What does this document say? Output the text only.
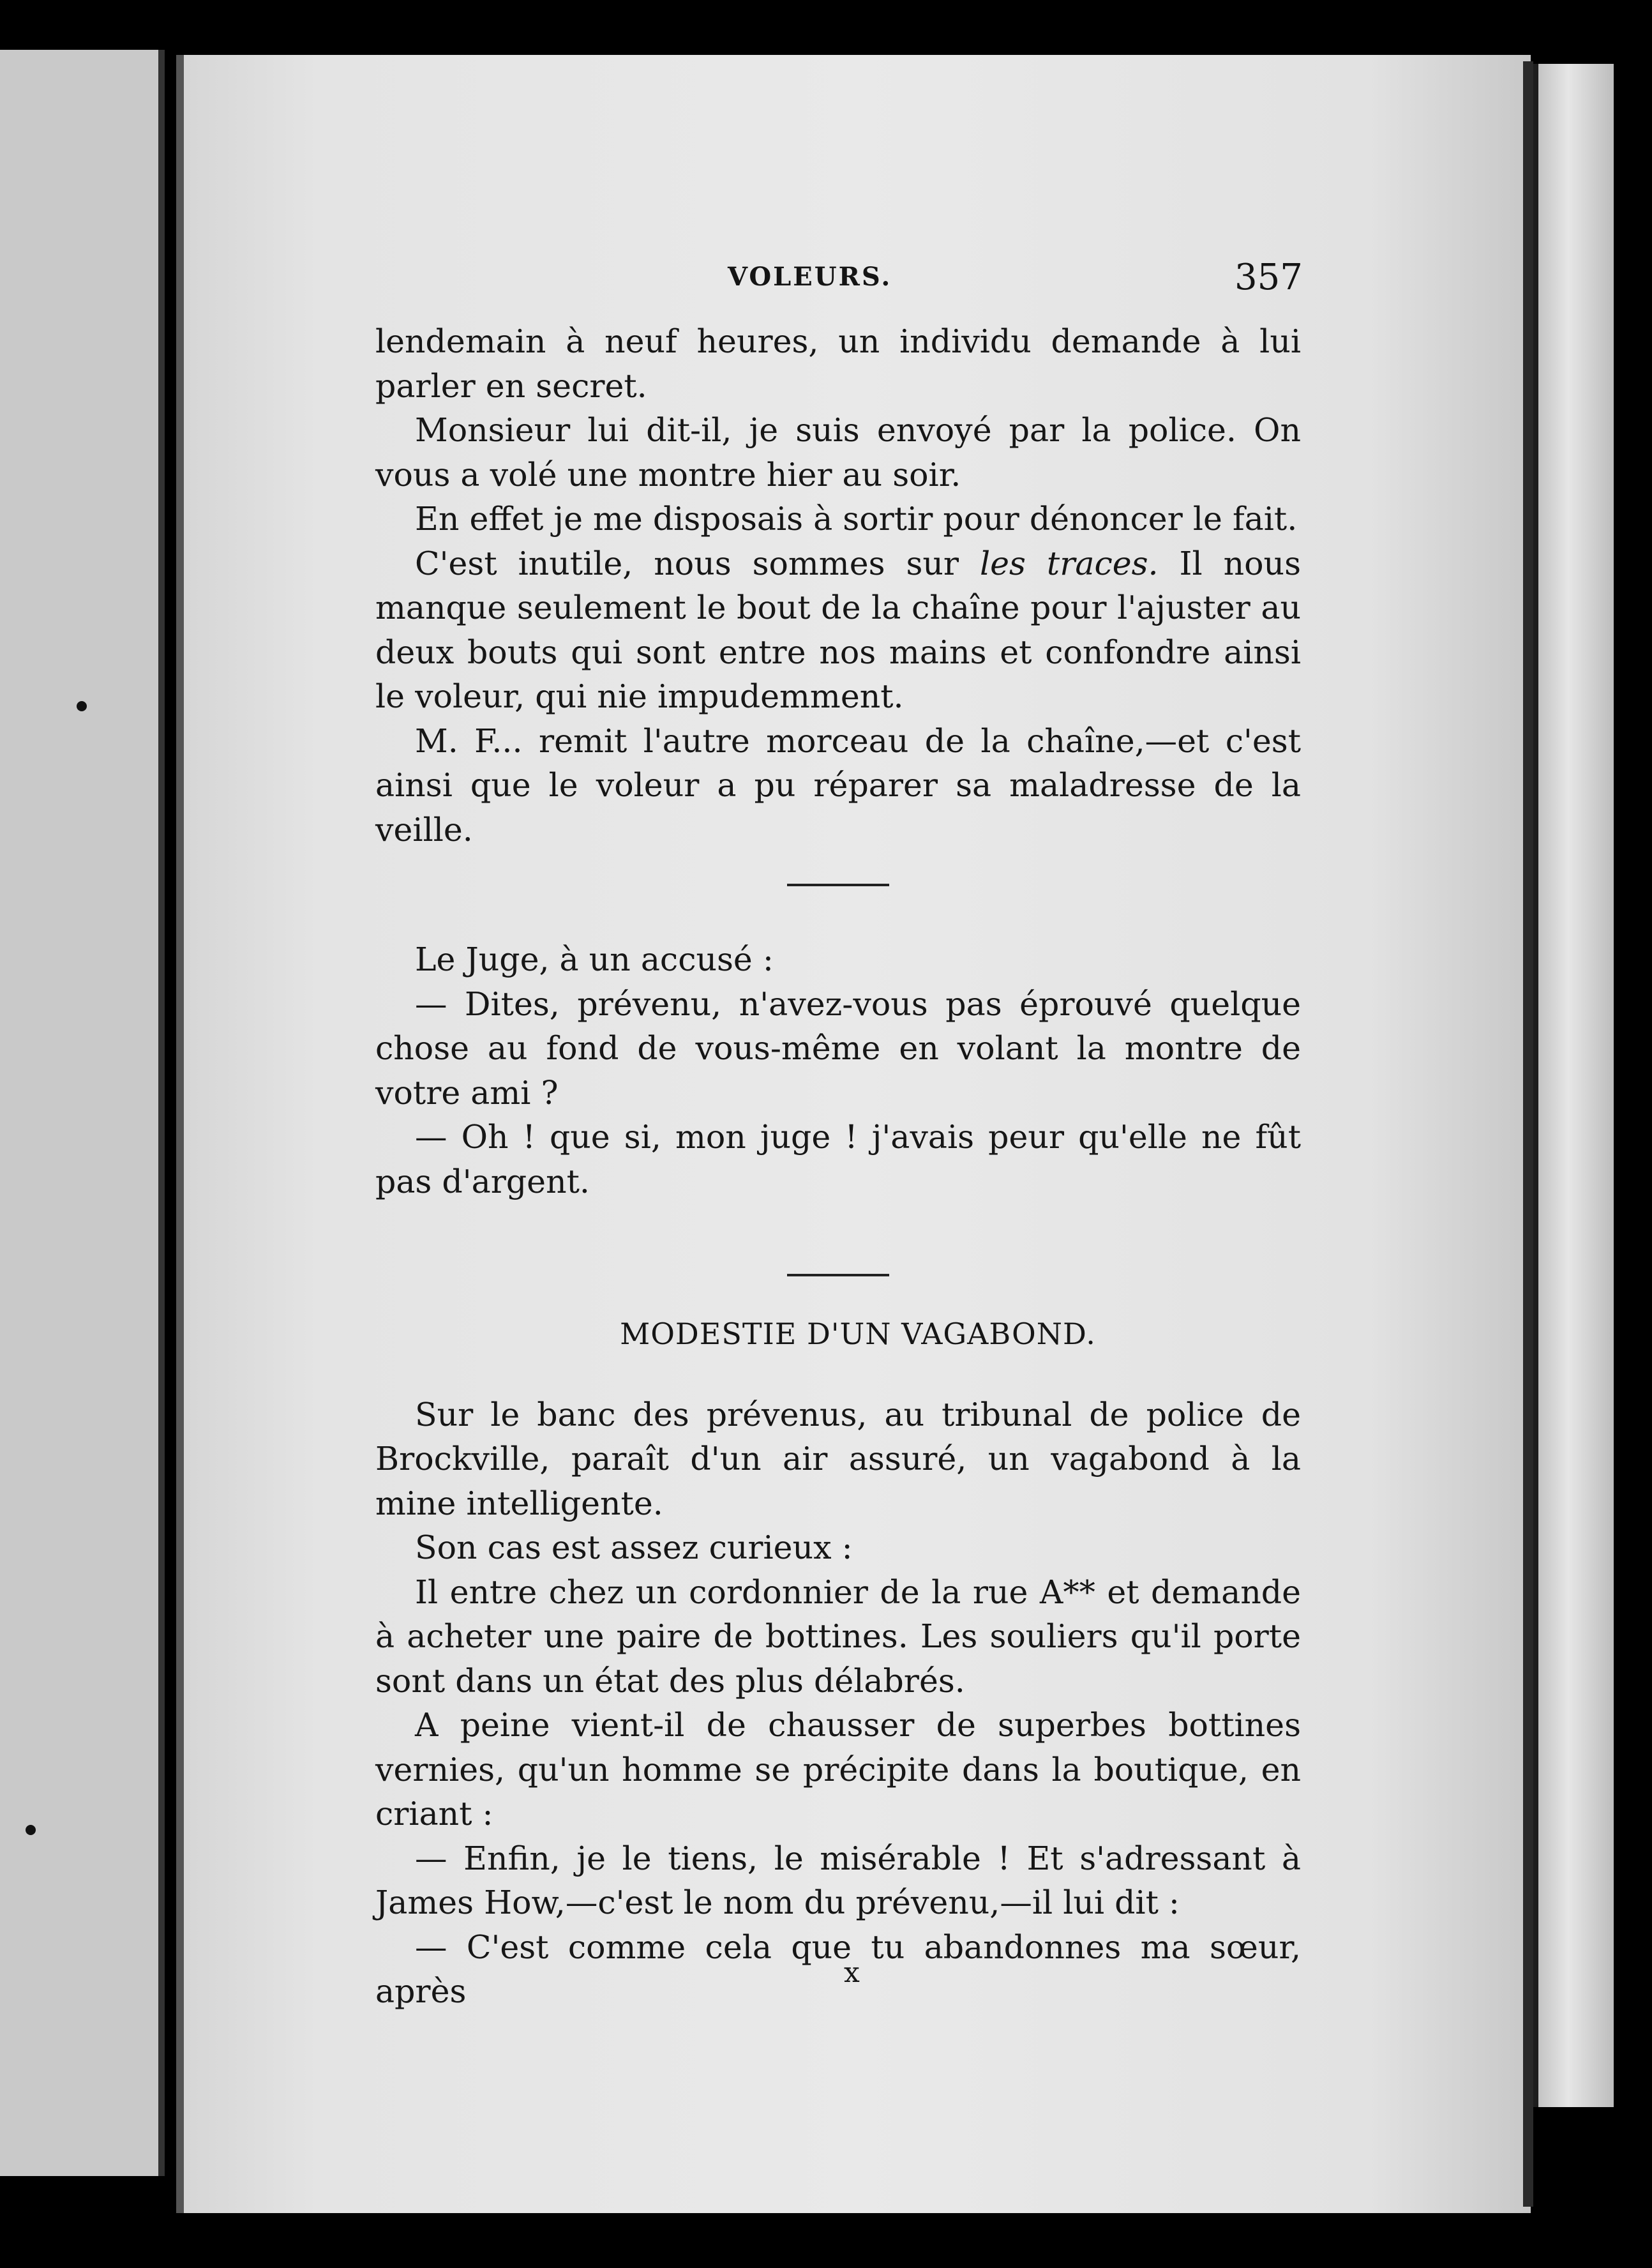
VOLEURS.	357

lendemain à neuf heures, un individu demande à lui parler en secret.

Monsieur lui dit-il, je suis envoyé par la police. On vous a volé une montre hier au soir.

En effet je me disposais à sortir pour dénoncer le fait.

C'est inutile, nous sommes sur les traces. Il nous manque seulement le bout de la chaîne pour l'ajuster au deux bouts qui sont entre nos mains et confondre ainsi le voleur, qui nie impudemment.

M. F... remit l'autre morceau de la chaîne,—et c'est ainsi que le voleur a pu réparer sa maladresse de la veille.

Le Juge, à un accusé :

— Dites, prévenu, n'avez-vous pas éprouvé quelque chose au fond de vous-même en volant la montre de votre ami ?

— Oh ! que si, mon juge ! j'avais peur qu'elle ne fût pas d'argent.

MODESTIE D'UN VAGABOND.

Sur le banc des prévenus, au tribunal de police de Brockville, paraît d'un air assuré, un vagabond à la mine intelligente.

Son cas est assez curieux :

Il entre chez un cordonnier de la rue A** et demande à acheter une paire de bottines. Les souliers qu'il porte sont dans un état des plus délabrés.

A peine vient-il de chausser de superbes bottines vernies, qu'un homme se précipite dans la boutique, en criant :

— Enfin, je le tiens, le misérable ! Et s'adressant à James How,—c'est le nom du prévenu,—il lui dit :

— C'est comme cela que tu abandonnes ma sœur, après	x
